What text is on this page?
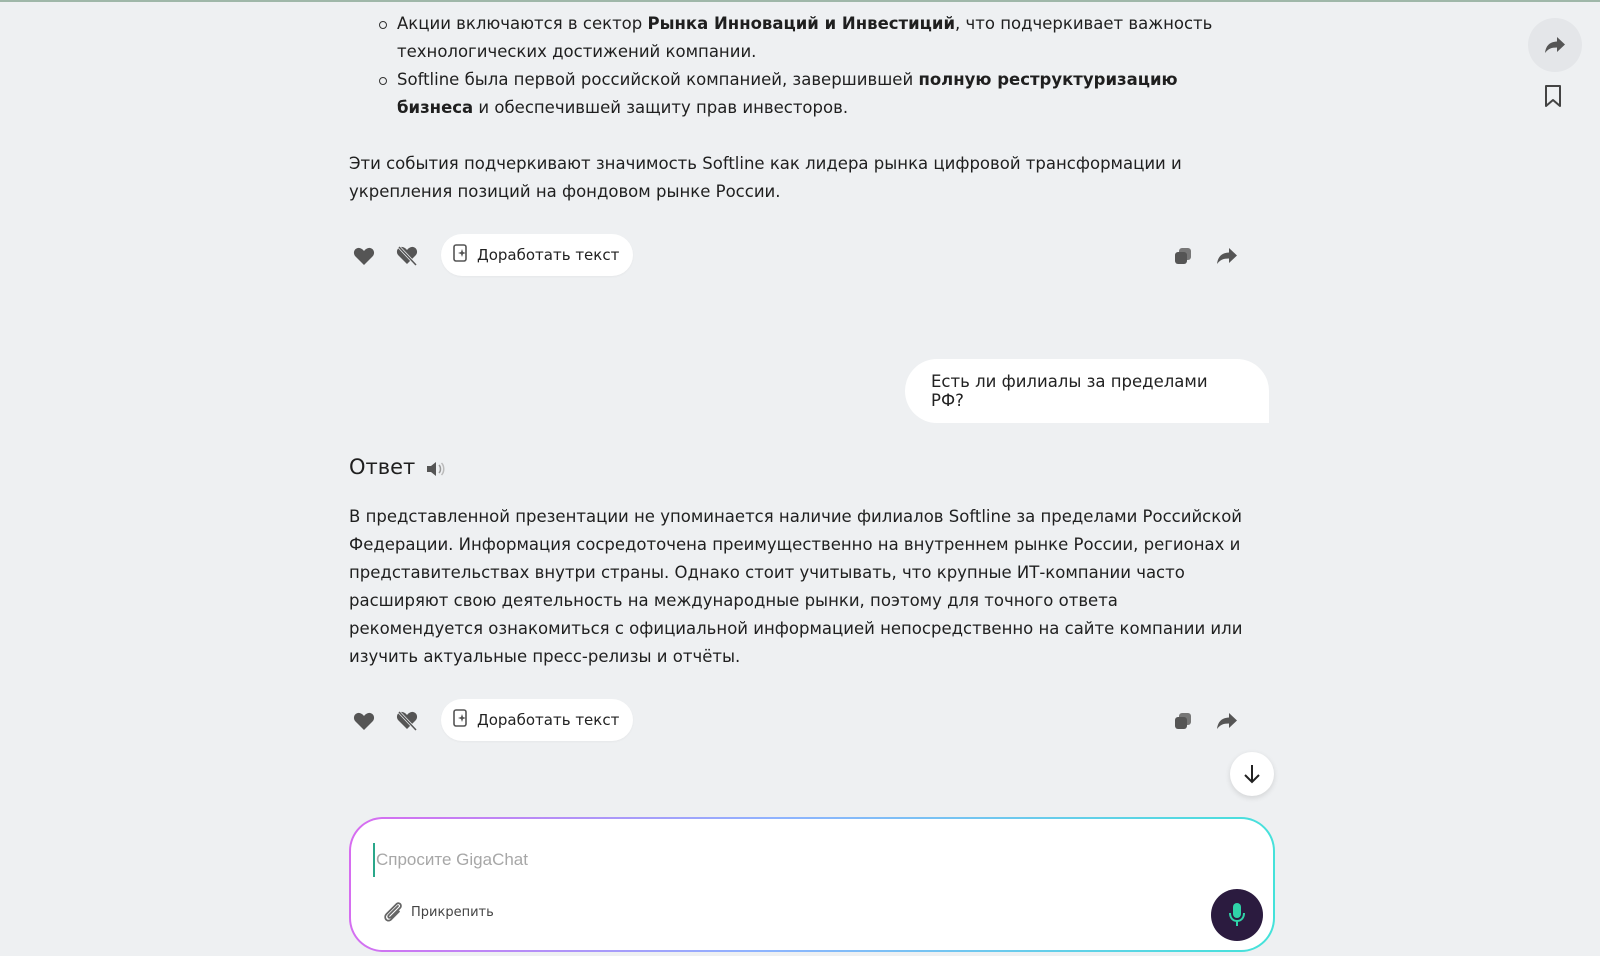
Акции включаются в сектор Рынка Инноваций и Инвестиций, что подчеркивает важность технологических достижений компании.
Softline была первой российской компанией, завершившей полную реструктуризацию бизнеса и обеспечившей защиту прав инвесторов.

Эти события подчеркивают значимость Softline как лидера рынка цифровой трансформации и укрепления позиций на фондовом рынке России.

Доработать текст
Есть ли филиалы за пределами РФ?
Ответ

В представленной презентации не упоминается наличие филиалов Softline за пределами Российской Федерации. Информация сосредоточена преимущественно на внутреннем рынке России, регионах и представительствах внутри страны. Однако стоит учитывать, что крупные ИТ-компании часто расширяют свою деятельность на международные рынки, поэтому для точного ответа рекомендуется ознакомиться с официальной информацией непосредственно на сайте компании или изучить актуальные пресс-релизы и отчёты.

Доработать текст
Спросите GigaChat
Прикрепить
